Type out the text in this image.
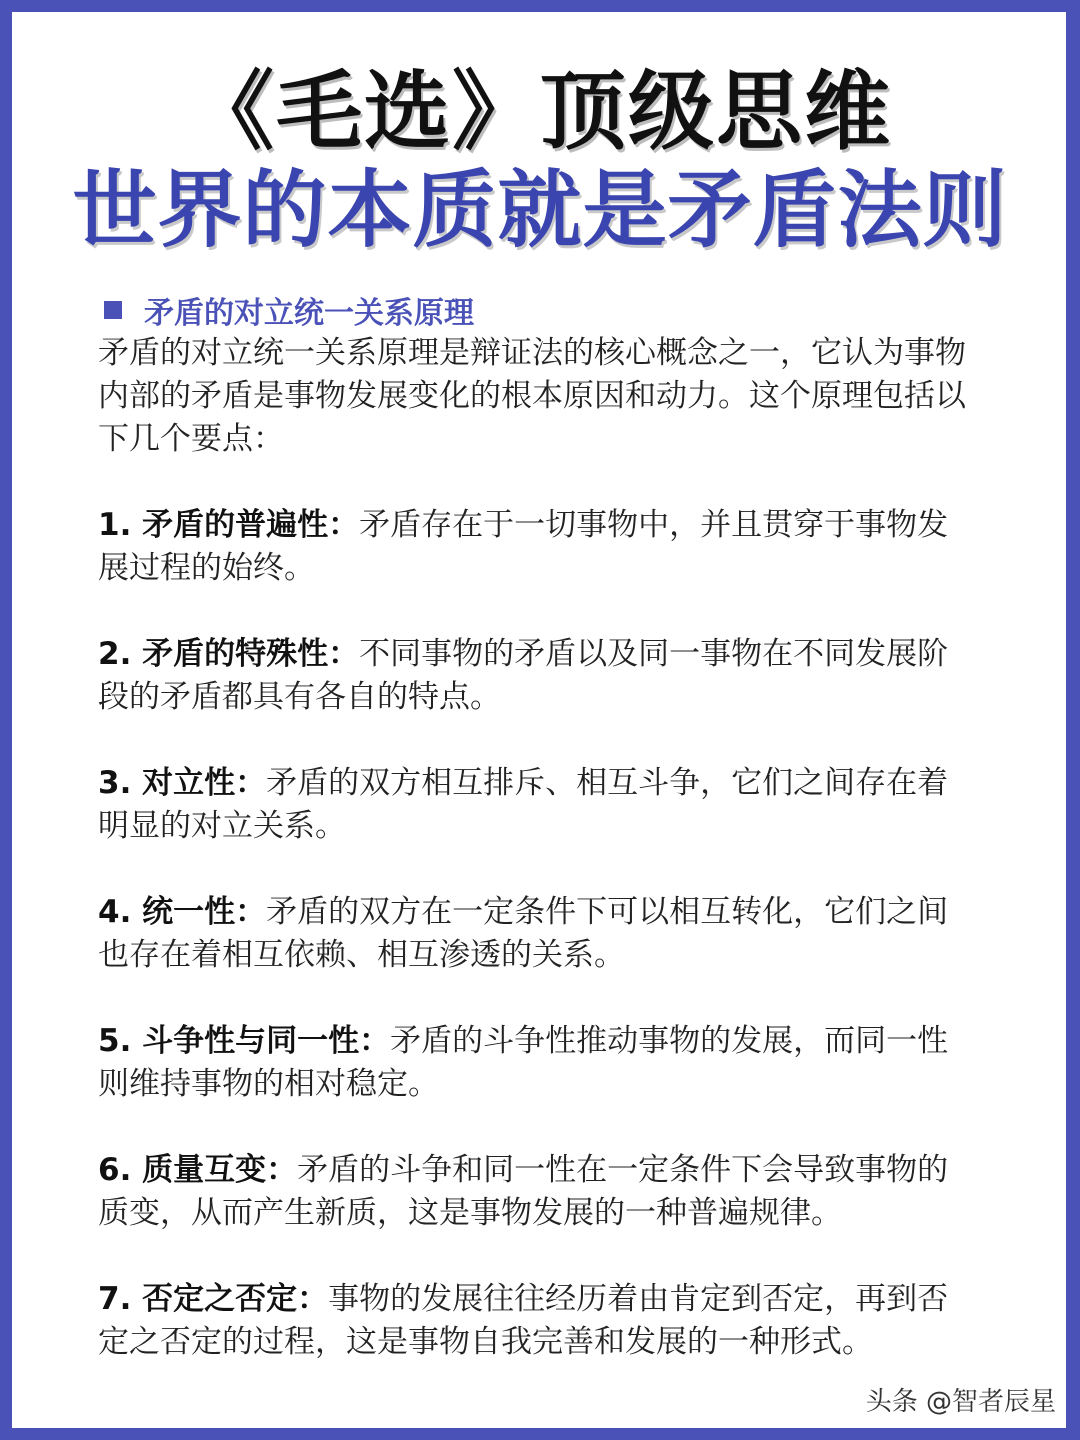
《毛选》顶级思维
世界的本质就是矛盾法则
矛盾的对立统一关系原理

矛盾的对立统一关系原理是辩证法的核心概念之一，它认为事物内部的矛盾是事物发展变化的根本原因和动力。这个原理包括以下几个要点：

1. 矛盾的普遍性：矛盾存在于一切事物中，并且贯穿于事物发展过程的始终。
2. 矛盾的特殊性：不同事物的矛盾以及同一事物在不同发展阶段的矛盾都具有各自的特点。
3. 对立性：矛盾的双方相互排斥、相互斗争，它们之间存在着明显的对立关系。
4. 统一性：矛盾的双方在一定条件下可以相互转化，它们之间也存在着相互依赖、相互渗透的关系。
5. 斗争性与同一性：矛盾的斗争性推动事物的发展，而同一性则维持事物的相对稳定。
6. 质量互变：矛盾的斗争和同一性在一定条件下会导致事物的质变，从而产生新质，这是事物发展的一种普遍规律。
7. 否定之否定：事物的发展往往经历着由肯定到否定，再到否定之否定的过程，这是事物自我完善和发展的一种形式。
头条 @智者辰星
